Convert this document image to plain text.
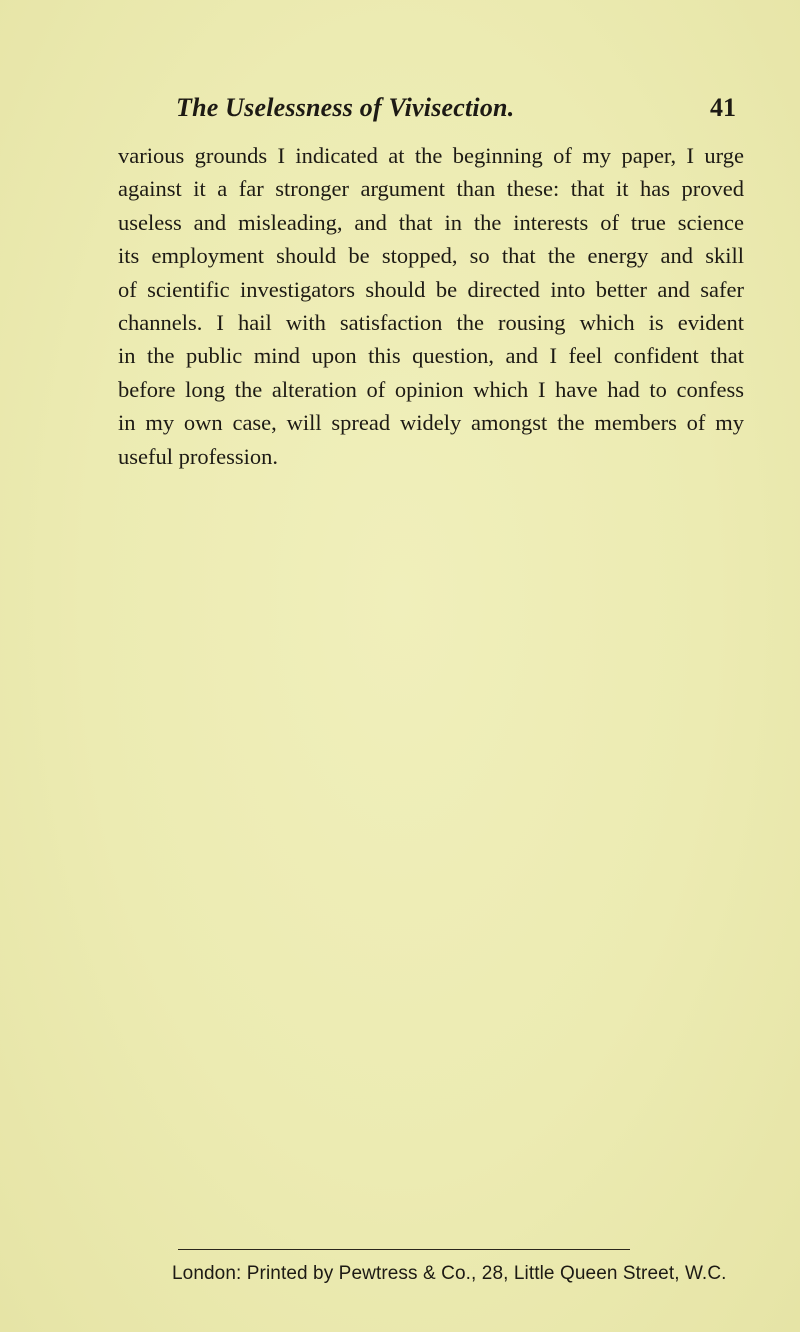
The Uselessness of Vivisection.	41
various grounds I indicated at the beginning of my paper, I urge
against it a far stronger argument than these: that it has proved
useless and misleading, and that in the interests of true science
its employment should be stopped, so that the energy and skill
of scientific investigators should be directed into better and safer
channels. I hail with satisfaction the rousing which is evident
in the public mind upon this question, and I feel confident that
before long the alteration of opinion which I have had to confess
in my own case, will spread widely amongst the members of my
useful profession.
London: Printed by Pewtress & Co., 28, Little Queen Street, W.C.
